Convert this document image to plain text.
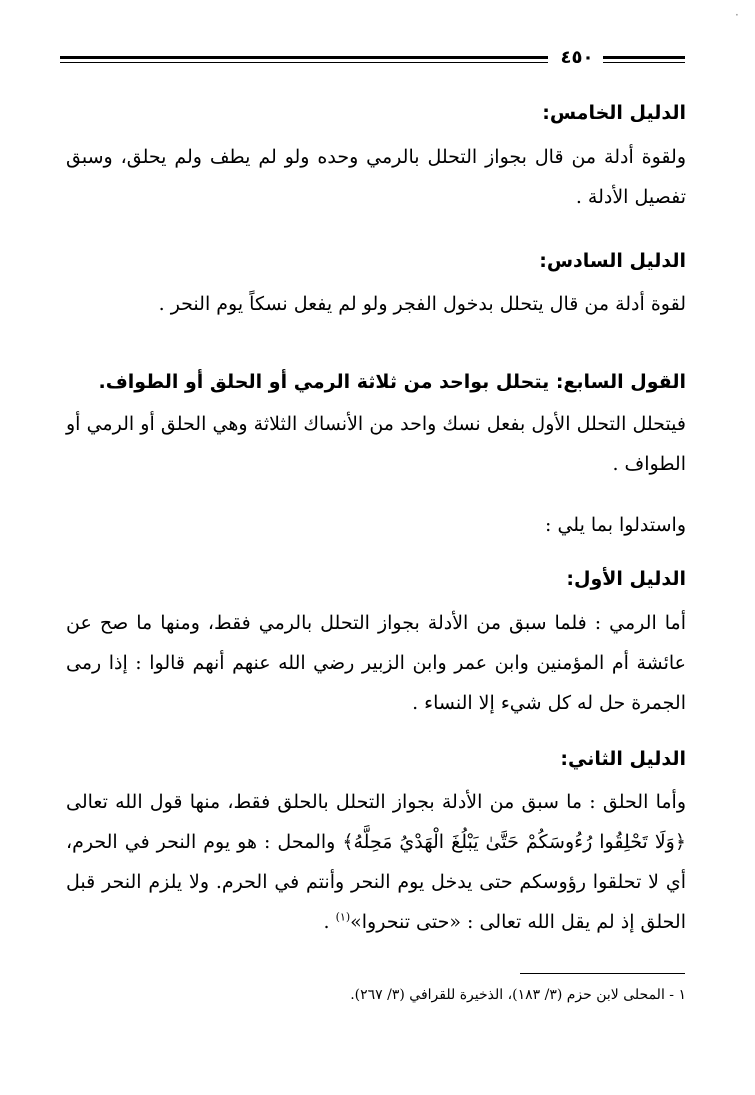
·
٤٥٠
الدليل الخامس:
ولقوة أدلة من قال بجواز التحلل بالرمي وحده ولو لم يطف ولم يحلق، وسبق تفصيل الأدلة .
الدليل السادس:
لقوة أدلة من قال يتحلل بدخول الفجر ولو لم يفعل نسكاً يوم النحر .
القول السابع: يتحلل بواحد من ثلاثة الرمي أو الحلق أو الطواف.
فيتحلل التحلل الأول بفعل نسك واحد من الأنساك الثلاثة وهي الحلق أو الرمي أو الطواف .
واستدلوا بما يلي :
الدليل الأول:
أما الرمي : فلما سبق من الأدلة بجواز التحلل بالرمي فقط، ومنها ما صح عن عائشة أم المؤمنين وابن عمر وابن الزبير رضي الله عنهم أنهم قالوا : إذا رمى الجمرة حل له كل شيء إلا النساء .
الدليل الثاني:
وأما الحلق : ما سبق من الأدلة بجواز التحلل بالحلق فقط، منها قول الله تعالى ﴿وَلَا تَحْلِقُوا رُءُوسَكُمْ حَتَّىٰ يَبْلُغَ الْهَدْيُ مَحِلَّهُ﴾ والمحل : هو يوم النحر في الحرم، أي لا تحلقوا رؤوسكم حتى يدخل يوم النحر وأنتم في الحرم. ولا يلزم النحر قبل الحلق إذ لم يقل الله تعالى : «حتى تنحروا»$^{(١)}$ .
١ - المحلى لابن حزم (٣/ ١٨٣)، الذخيرة للقرافي (٣/ ٢٦٧).
